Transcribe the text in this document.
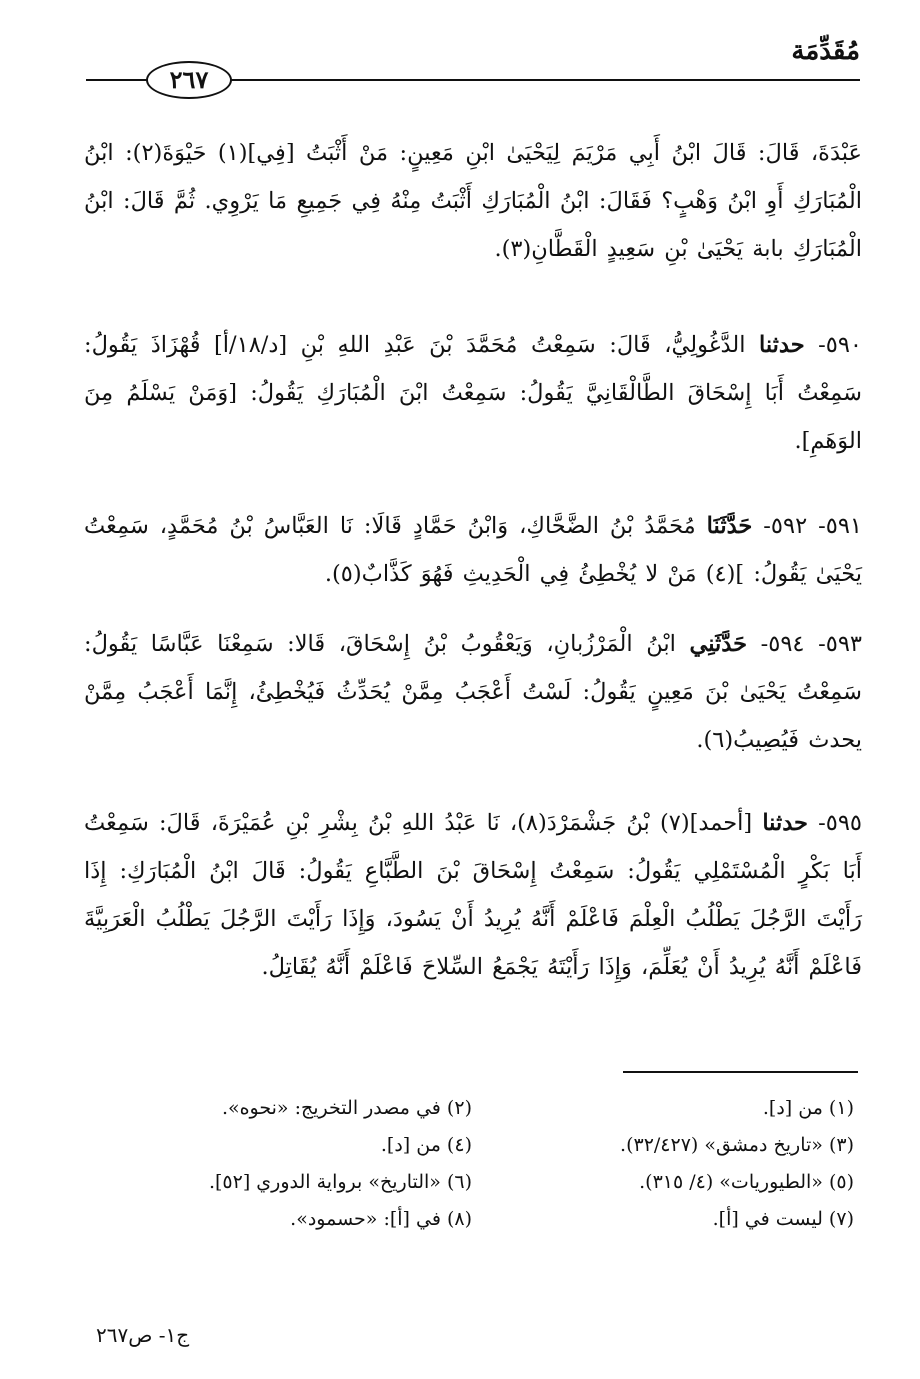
مُقَدِّمَة
٢٦٧

عَبْدَةَ، قَالَ: قَالَ ابْنُ أَبِي مَرْيَمَ لِيَحْيَىٰ ابْنِ مَعِينٍ: مَنْ أَثْبَتُ [فِي](١) حَيْوَةَ(٢): ابْنُ الْمُبَارَكِ أَوِ ابْنُ وَهْبٍ؟ فَقَالَ: ابْنُ الْمُبَارَكِ أَثْبَتُ مِنْهُ فِي جَمِيعِ مَا يَرْوِي. ثُمَّ قَالَ: ابْنُ الْمُبَارَكِ بابة يَحْيَىٰ بْنِ سَعِيدٍ الْقَطَّانِ(٣).

٥٩٠- حدثنا الدَّغُولِيُّ، قَالَ: سَمِعْتُ مُحَمَّدَ بْنَ عَبْدِ اللهِ بْنِ [د/١٨/أ] قُهْزَاذَ يَقُولُ: سَمِعْتُ أَبَا إِسْحَاقَ الطَّالْقَانِيَّ يَقُولُ: سَمِعْتُ ابْنَ الْمُبَارَكِ يَقُولُ: [وَمَنْ يَسْلَمُ مِنَ الوَهَمِ].

٥٩١- ٥٩٢- حَدَّثَنَا مُحَمَّدُ بْنُ الضَّحَّاكِ، وَابْنُ حَمَّادٍ قَالَا: نَا العَبَّاسُ بْنُ مُحَمَّدٍ، سَمِعْتُ يَحْيَىٰ يَقُولُ: ](٤) مَنْ لا يُخْطِئُ فِي الْحَدِيثِ فَهُوَ كَذَّابٌ(٥).

٥٩٣- ٥٩٤- حَدَّثَنِي ابْنُ الْمَرْزُبانِ، وَيَعْقُوبُ بْنُ إِسْحَاقَ، قَالا: سَمِعْنَا عَبَّاسًا يَقُولُ: سَمِعْتُ يَحْيَىٰ بْنَ مَعِينٍ يَقُولُ: لَسْتُ أَعْجَبُ مِمَّنْ يُحَدِّثُ فَيُخْطِئُ، إِنَّمَا أَعْجَبُ مِمَّنْ يحدث فَيُصِيبُ(٦).

٥٩٥- حدثنا [أحمد](٧) بْنُ جَشْمَرْدَ(٨)، نَا عَبْدُ اللهِ بْنُ بِشْرِ بْنِ عُمَيْرَةَ، قَالَ: سَمِعْتُ أَبَا بَكْرٍ الْمُسْتَمْلِي يَقُولُ: سَمِعْتُ إِسْحَاقَ بْنَ الطَّبَّاعِ يَقُولُ: قَالَ ابْنُ الْمُبَارَكِ: إِذَا رَأَيْتَ الرَّجُلَ يَطْلُبُ الْعِلْمَ فَاعْلَمْ أَنَّهُ يُرِيدُ أَنْ يَسُودَ، وَإِذَا رَأَيْتَ الرَّجُلَ يَطْلُبُ الْعَرَبِيَّةَ فَاعْلَمْ أَنَّهُ يُرِيدُ أَنْ يُعَلِّمَ، وَإِذَا رَأَيْتَهُ يَجْمَعُ السِّلاحَ فَاعْلَمْ أَنَّهُ يُقَاتِلُ.

(١) من [د].
(٢) في مصدر التخريج: «نحوه».
(٣) «تاريخ دمشق» (٣٢/٤٢٧).
(٤) من [د].
(٥) «الطيوريات» (٤/ ٣١٥).
(٦) «التاريخ» برواية الدوري [٥٢].
(٧) ليست في [أ].
(٨) في [أ]: «حسمود».
ج١- ص٢٦٧
